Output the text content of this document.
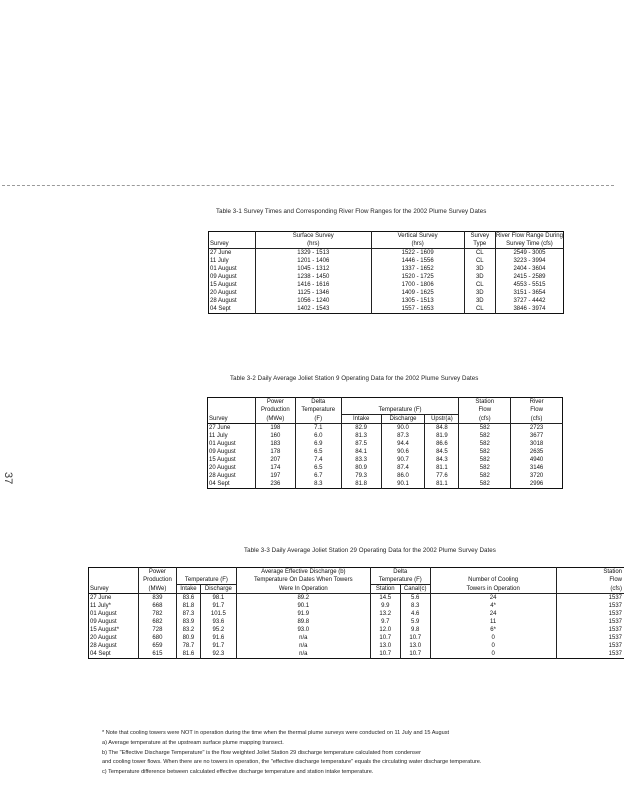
37
Table 3-1 Survey Times and Corresponding River Flow Ranges for the 2002 Plume Survey Dates
Survey	Surface Survey	Vertical Survey	Survey	River Flow Range During
	(hrs)	(hrs)	Type	Survey Time (cfs)
27 June	1329 - 1513	1522 - 1609	CL	2549 - 3005
11 July	1201 - 1406	1446 - 1556	CL	3223 - 3994
01 August	1045 - 1312	1337 - 1652	3D	2404 - 3604
09 August	1238 - 1450	1520 - 1725	3D	2415 - 2589
15 August	1416 - 1616	1700 - 1806	CL	4553 - 5515
20 August	1125 - 1346	1409 - 1625	3D	3151 - 3654
28 August	1056 - 1240	1305 - 1513	3D	3727 - 4442
04 Sept	1402 - 1543	1557 - 1653	CL	3846 - 3974
Table 3-2 Daily Average Joliet Station 9 Operating Data for the 2002 Plume Survey Dates
Survey	Power	Delta				Station	River
	Production	Temperature	Temperature (F)			Flow	Flow
	(MWe)	(F)	Intake	Discharge	Upstr(a)	(cfs)	(cfs)
27 June	198	7.1	82.9	90.0	84.8	582	2723
11 July	160	6.0	81.3	87.3	81.9	582	3677
01 August	183	6.9	87.5	94.4	86.6	582	3018
09 August	178	6.5	84.1	90.6	84.5	582	2635
15 August	207	7.4	83.3	90.7	84.3	582	4940
20 August	174	6.5	80.9	87.4	81.1	582	3146
28 August	197	6.7	79.3	86.0	77.6	582	3720
04 Sept	236	8.3	81.8	90.1	81.1	582	2996
Table 3-3 Daily Average Joliet Station 29 Operating Data for the 2002 Plume Survey Dates
Survey	Power			Average Effective Discharge (b)	Delta			Station
	Production	Temperature (F)		Temperature On Dates When Towers	Temperature (F)		Number of Cooling	Flow
	(MWe)	Intake	Discharge	Were In Operation	Station	Canal(c)	Towers in Operation	(cfs)
27 June	839	83.6	98.1	89.2	14.5	5.6	24	1537
11 July*	668	81.8	91.7	90.1	9.9	8.3	4*	1537
01 August	782	87.3	101.5	91.9	13.2	4.6	24	1537
09 August	682	83.9	93.6	89.8	9.7	5.9	11	1537
15 August*	728	83.2	95.2	93.0	12.0	9.8	6*	1537
20 August	680	80.9	91.6	n/a	10.7	10.7	0	1537
28 August	659	78.7	91.7	n/a	13.0	13.0	0	1537
04 Sept	615	81.6	92.3	n/a	10.7	10.7	0	1537
* Note that cooling towers were NOT in operation during the time when the thermal plume surveys were conducted on 11 July and 15 August
a) Average temperature at the upstream surface plume mapping transect.
b) The "Effective Discharge Temperature" is the flow weighted Joliet Station 29 discharge temperature calculated from condenser
and cooling tower flows. When there are no towers in operation, the "effective discharge temperature" equals the circulating water discharge temperature.
c) Temperature difference between calculated effective discharge temperature and station intake temperature.
